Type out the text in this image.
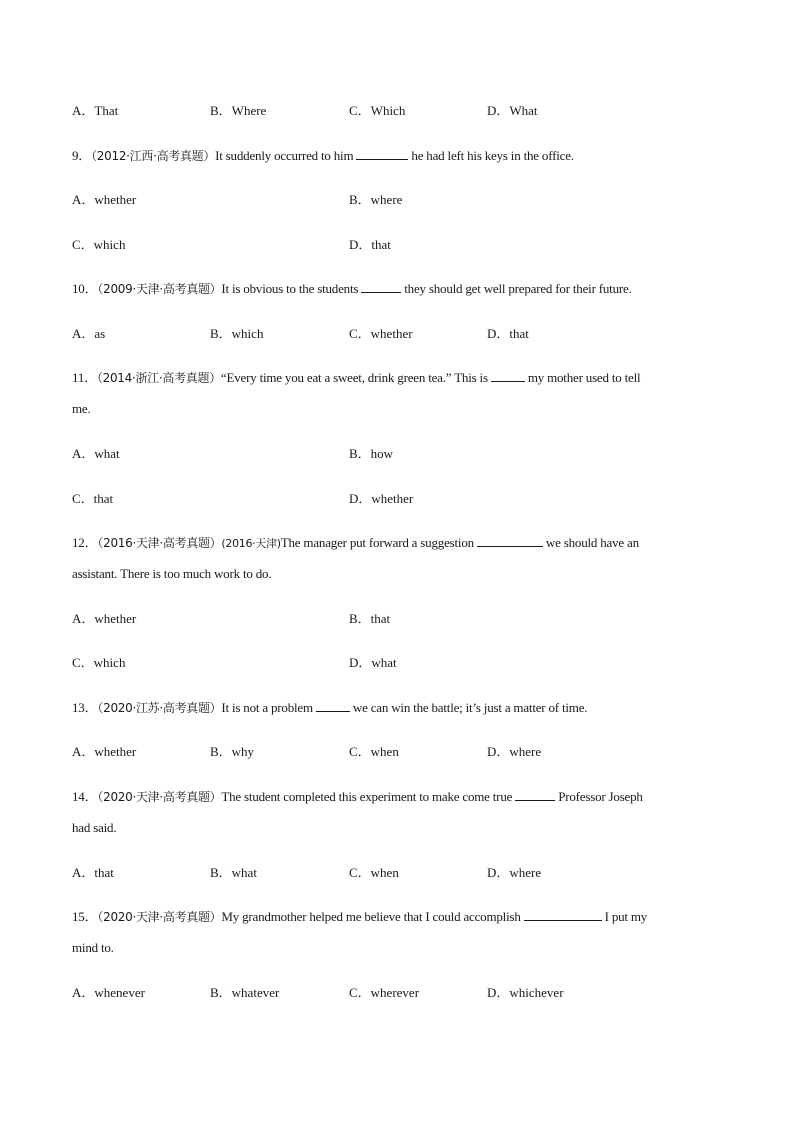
A．That	B．Where	C．Which	D．What
9．（2012·江西·高考真题）It suddenly occurred to him	he had left his keys in the office.
A．whether	B．where
C．which	D．that
10．（2009·天津·高考真题）It is obvious to the students	they should get well prepared for their future.
A．as	B．which	C．whether	D．that
11．（2014·浙江·高考真题）“Every time you eat a sweet, drink green tea.” This is	my mother used to tell
me.
A．what	B．how
C．that	D．whether
12．（2016·天津·高考真题）(2016·天津)The manager put forward a suggestion	we should have an
assistant. There is too much work to do.
A．whether	B．that
C．which	D．what
13．（2020·江苏·高考真题）It is not a problem	we can win the battle; it’s just a matter of time.
A．whether	B．why	C．when	D．where
14．（2020·天津·高考真题）The student completed this experiment to make come true	Professor Joseph
had said.
A．that	B．what	C．when	D．where
15．（2020·天津·高考真题）My grandmother helped me believe that I could accomplish	I put my
mind to.
A．whenever	B．whatever	C．wherever	D．whichever
